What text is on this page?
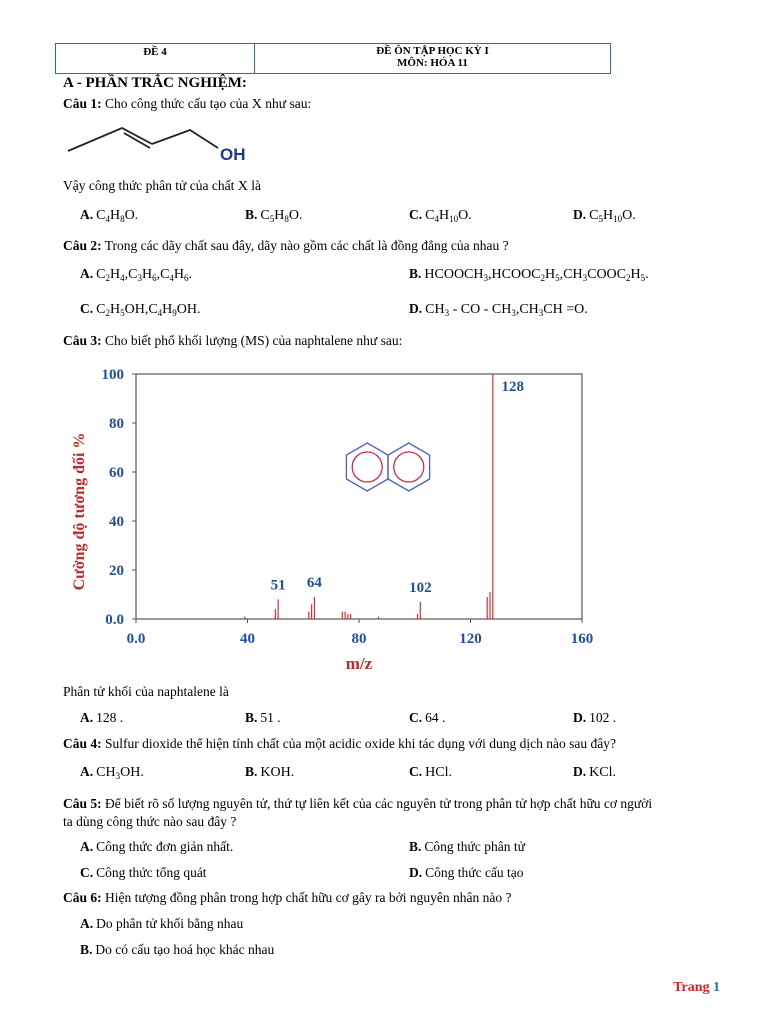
ĐỀ 4	ĐỀ ÔN TẬP HỌC KỲ I
MÔN: HÓA 11
A - PHẦN TRẮC NGHIỆM:
Câu 1: Cho công thức cấu tạo của X như sau:
OH
Vậy công thức phân tử của chất X là
A. $C_4H_8O$.	B. $C_5H_8O$.	C. $C_4H_{10}O$.	D. $C_5H_{10}O$.
Câu 2: Trong các dãy chất sau đây, dãy nào gồm các chất là đồng đẳng của nhau ?
A. $C_2H_4,C_3H_6,C_4H_6$.	B. $HCOOCH_3,HCOOC_2H_5,CH_3COOC_2H_5$.
C. $C_2H_5OH,C_4H_9OH$.	D. $CH_3$ - CO - $CH_3,CH_3CH =O$.
Câu 3: Cho biết phổ khối lượng (MS) của naphtalene như sau:
0.0
20
40
60
80
100
0.0	40	80	120	160
m/z
Cường độ tương đối %	51 64	102
128
Phân tử khối của naphtalene là
A. 128 .	B. 51 .	C. 64 .	D. 102 .
Câu 4: Sulfur dioxide thể hiện tính chất của một acidic oxide khi tác dụng với dung dịch nào sau đây?
A. $CH_3OH$.	B. KOH.	C. HCl.	D. KCl.
Câu 5: Để biết rõ số lượng nguyên tử, thứ tự liên kết của các nguyên tử trong phân tử hợp chất hữu cơ người
ta dùng công thức nào sau đây ?
A. Công thức đơn giản nhất.	B. Công thức phân tử
C. Công thức tổng quát	D. Công thức cấu tạo
Câu 6: Hiện tượng đồng phân trong hợp chất hữu cơ gây ra bởi nguyên nhân nào ?
A. Do phân tử khối bằng nhau
B. Do có cấu tạo hoá học khác nhau
Trang 1
